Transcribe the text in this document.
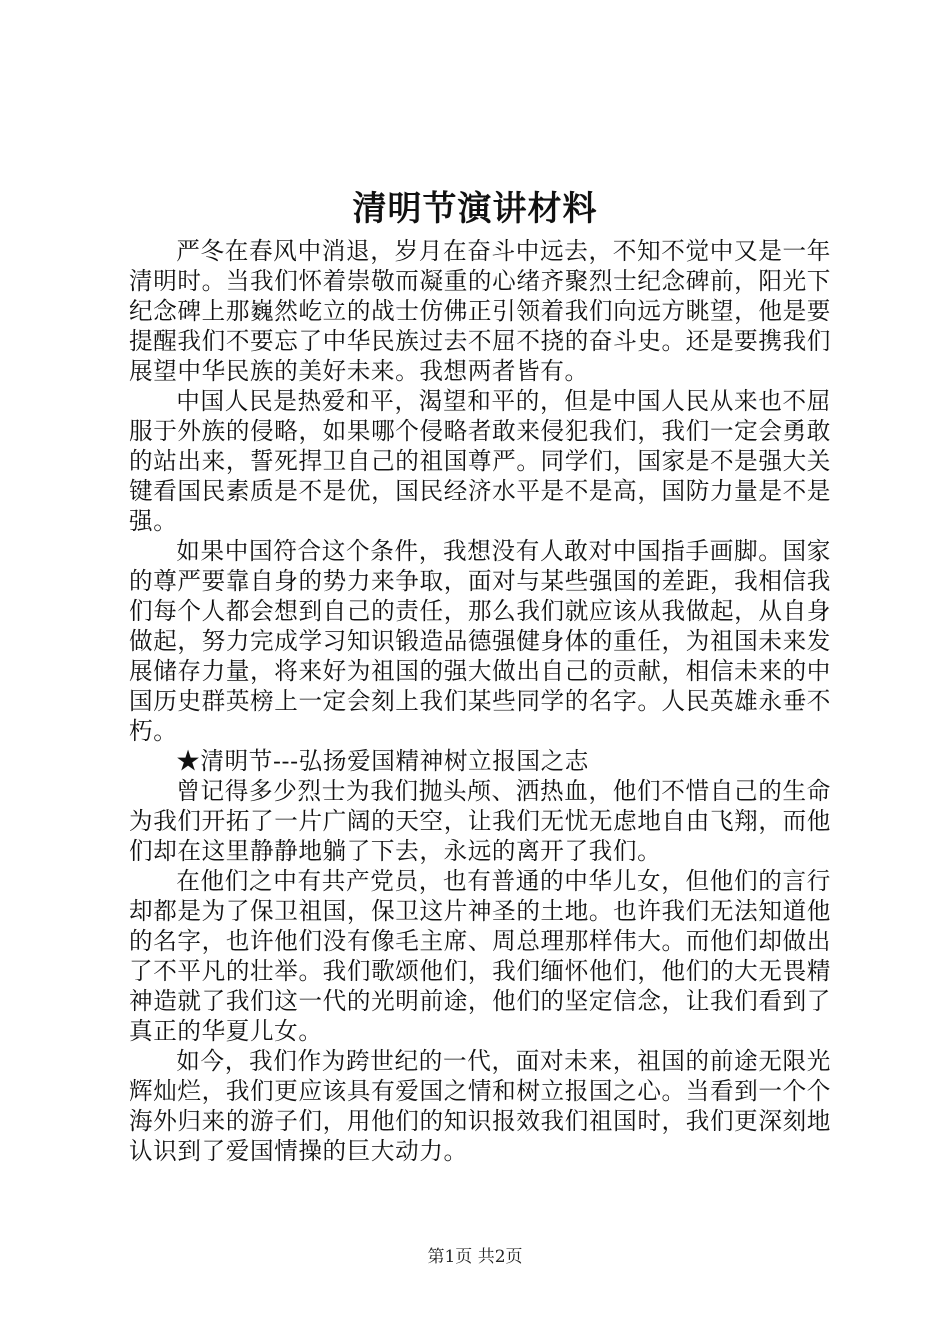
清明节演讲材料

严冬在春风中消退，岁月在奋斗中远去，不知不觉中又是一年清明时。当我们怀着崇敬而凝重的心绪齐聚烈士纪念碑前，阳光下纪念碑上那巍然屹立的战士仿佛正引领着我们向远方眺望，他是要提醒我们不要忘了中华民族过去不屈不挠的奋斗史。还是要携我们展望中华民族的美好未来。我想两者皆有。

中国人民是热爱和平，渴望和平的，但是中国人民从来也不屈服于外族的侵略，如果哪个侵略者敢来侵犯我们，我们一定会勇敢的站出来，誓死捍卫自己的祖国尊严。同学们，国家是不是强大关键看国民素质是不是优，国民经济水平是不是高，国防力量是不是强。

如果中国符合这个条件，我想没有人敢对中国指手画脚。国家的尊严要靠自身的势力来争取，面对与某些强国的差距，我相信我们每个人都会想到自己的责任，那么我们就应该从我做起，从自身做起，努力完成学习知识锻造品德强健身体的重任，为祖国未来发展储存力量，将来好为祖国的强大做出自己的贡献，相信未来的中国历史群英榜上一定会刻上我们某些同学的名字。人民英雄永垂不朽。

★清明节---弘扬爱国精神树立报国之志

曾记得多少烈士为我们抛头颅、洒热血，他们不惜自己的生命为我们开拓了一片广阔的天空，让我们无忧无虑地自由飞翔，而他们却在这里静静地躺了下去，永远的离开了我们。

在他们之中有共产党员，也有普通的中华儿女，但他们的言行却都是为了保卫祖国，保卫这片神圣的土地。也许我们无法知道他的名字，也许他们没有像毛主席、周总理那样伟大。而他们却做出了不平凡的壮举。我们歌颂他们，我们缅怀他们，他们的大无畏精神造就了我们这一代的光明前途，他们的坚定信念，让我们看到了真正的华夏儿女。

如今，我们作为跨世纪的一代，面对未来，祖国的前途无限光辉灿烂，我们更应该具有爱国之情和树立报国之心。当看到一个个海外归来的游子们，用他们的知识报效我们祖国时，我们更深刻地认识到了爱国情操的巨大动力。

第1页 共2页
